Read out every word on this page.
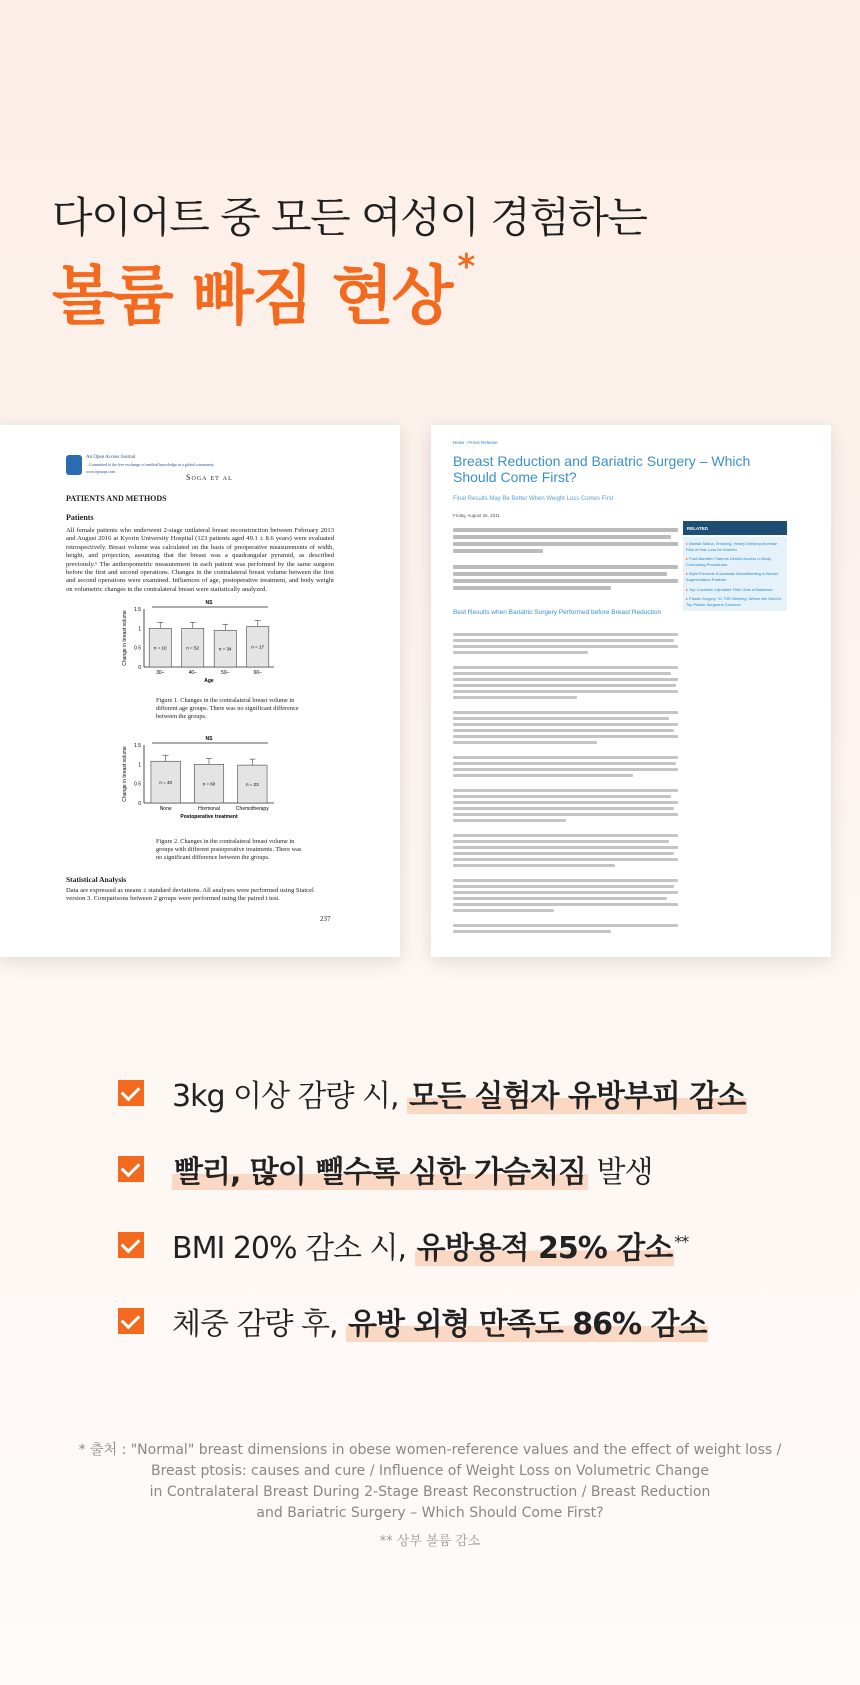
다이어트 중 모든 여성이 경험하는
볼륨 빠짐 현상 *
An Open Access Journal
...Committed to the free exchange of medical knowledge in a global community
www.epiaaps.com
Soga et al
PATIENTS AND METHODS
Patients
All female patients who underwent 2-stage unilateral breast reconstruction between February 2013 and August 2016 at Kyorin University Hospital (123 patients aged 49.1 ± 8.6 years) were evaluated retrospectively. Breast volume was calculated on the basis of preoperative measurements of width, height, and projection, assuming that the breast was a quadrangular pyramid, as described previously.⁶ The anthropometric measurement in each patient was performed by the same surgeon before the first and second operations. Changes in the contralateral breast volume between the first and second operations were examined. Influences of age, postoperative treatment, and body weight on volumetric changes in the contralateral breast were statistically analyzed.
0
0.5
1
1.5
Change in breast volume	n = 10
30–
n = 52
40–
n = 34
50–
n = 17
60–
NS
Age
Figure 1. Changes in the contralateral breast volume in different age groups. There was no significant difference between the groups.
0
0.5
1
1.5
Change in breast volume	n = 40
None
n = 60
Hormonal
n = 23
Chemotherapy
NS
Postoperative treatment
Figure 2. Changes in the contralateral breast volume in groups with different postoperative treatments. There was no significant difference between the groups.
Statistical Analysis
Data are expressed as means ± standard deviations. All analyses were performed using Statcel version 3. Comparisons between 2 groups were performed using the paired t test.
237
News › Press Release
Breast Reduction and Bariatric Surgery – Which Should Come First?
Final Results May Be Better When Weight Loss Comes First
Friday, August 26, 2011
Best Results when Bariatric Surgery Performed before Breast Reduction
RELATED
▸ Marital Status, Smoking, Heavy Drinking Increase Risk of Hair Loss for Women
▸ Post-Bariatric Patients Denied Access to Body Contouring Procedures
▸ Myth Prevents Successful Breastfeeding in Breast Augmentation Patients
▸ Top Cosmetic Injectable Filler Gets a Makeover
▸ Plastic Surgery '11 THE Meeting: Where the World's Top Plastic Surgeons Convene
3kg 이상 감량 시, 모든 실험자 유방부피 감소
빨리, 많이 뺄수록 심한 가슴처짐 발생
BMI 20% 감소 시, 유방용적 25% 감소 **
체중 감량 후, 유방 외형 만족도 86% 감소
* 출처 : "Normal" breast dimensions in obese women-reference values and the effect of weight loss /
Breast ptosis: causes and cure / Influence of Weight Loss on Volumetric Change
in Contralateral Breast During 2-Stage Breast Reconstruction / Breast Reduction
and Bariatric Surgery – Which Should Come First?
** 상부 볼륨 감소
